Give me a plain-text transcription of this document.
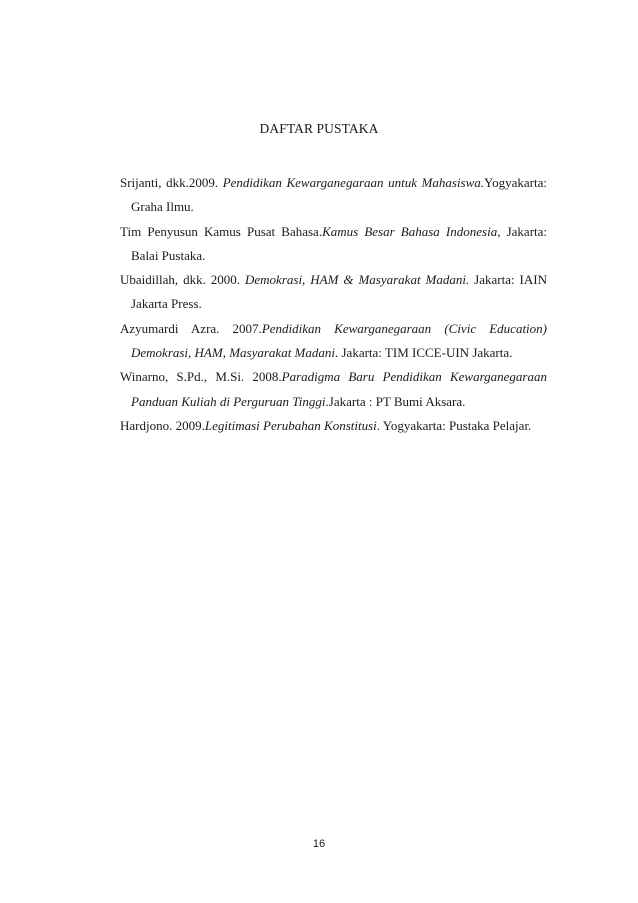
DAFTAR PUSTAKA
Srijanti, dkk.2009. Pendidikan Kewarganegaraan untuk Mahasiswa.Yogyakarta: Graha Ilmu.
Tim Penyusun Kamus Pusat Bahasa.Kamus Besar Bahasa Indonesia, Jakarta: Balai Pustaka.
Ubaidillah, dkk. 2000. Demokrasi, HAM & Masyarakat Madani. Jakarta: IAIN Jakarta Press.
Azyumardi Azra. 2007.Pendidikan Kewarganegaraan (Civic Education) Demokrasi, HAM, Masyarakat Madani. Jakarta: TIM ICCE-UIN Jakarta.
Winarno, S.Pd., M.Si. 2008.Paradigma Baru Pendidikan Kewarganegaraan Panduan Kuliah di Perguruan Tinggi.Jakarta : PT Bumi Aksara.
Hardjono. 2009.Legitimasi Perubahan Konstitusi. Yogyakarta: Pustaka Pelajar.
16
